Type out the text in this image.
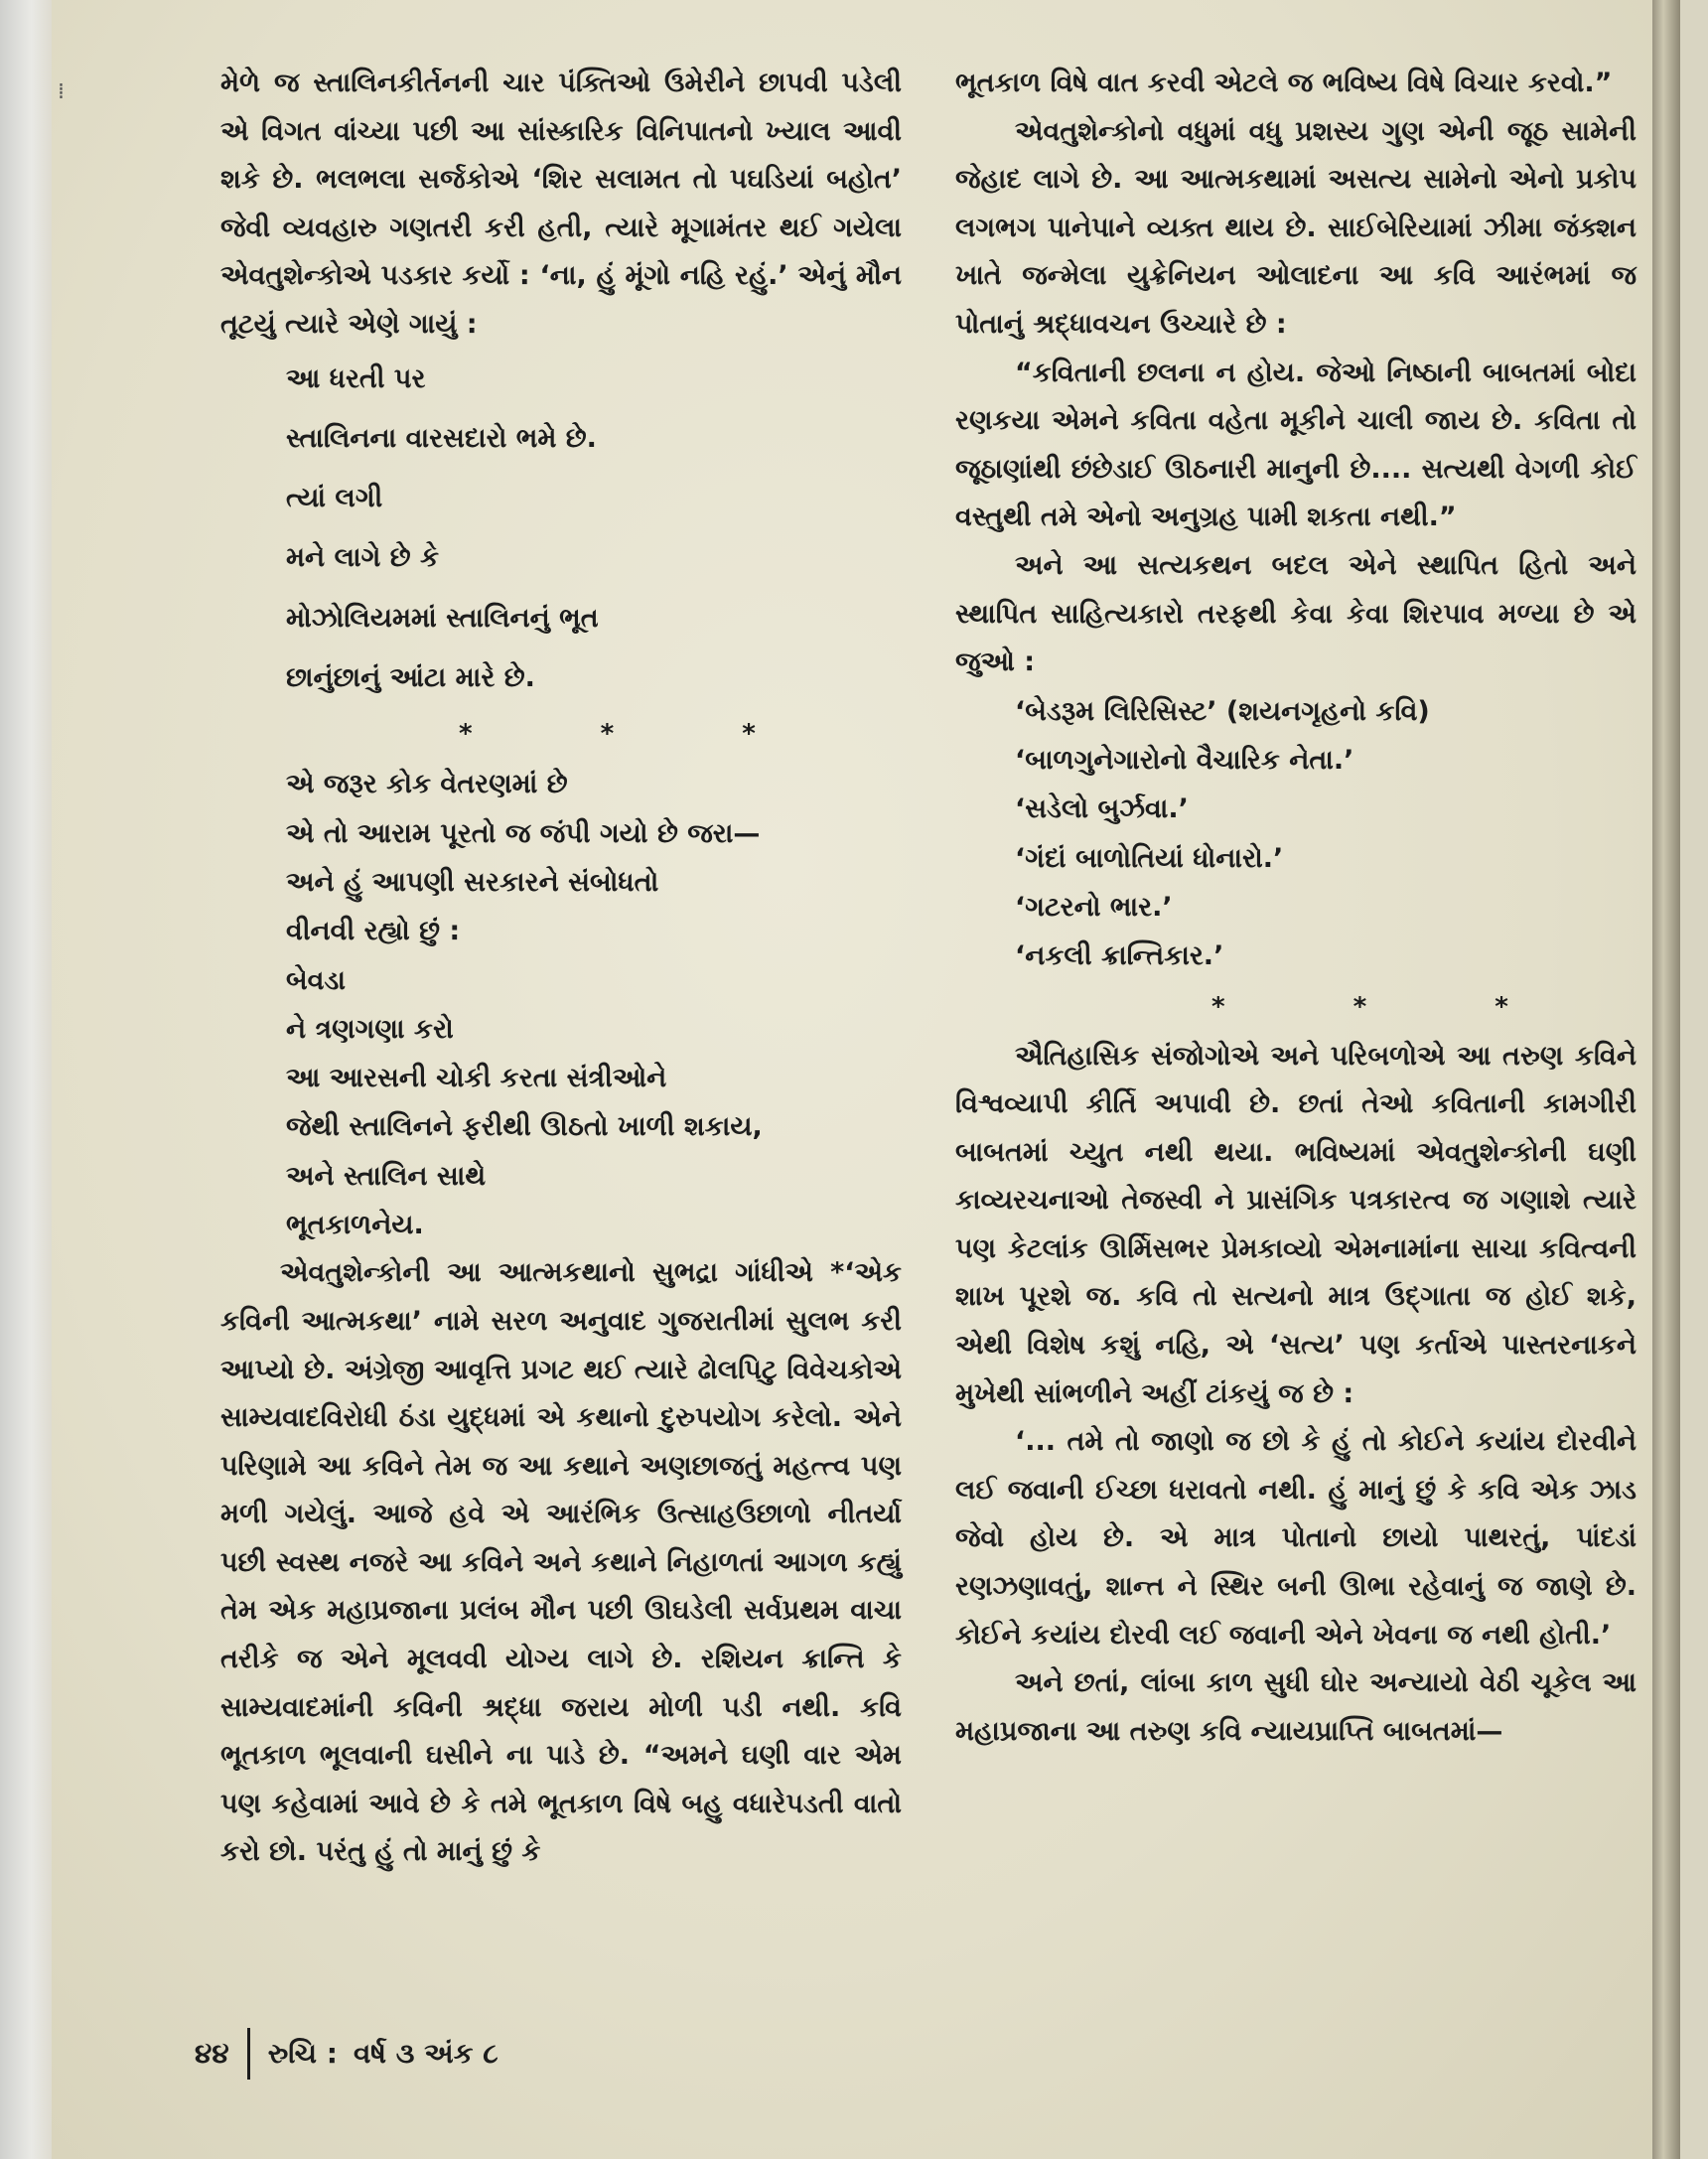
⁞	મેળે જ સ્તાલિનકીર્તનની ચાર પંક્તિઓ ઉમેરીને છાપવી પડેલી એ વિગત વાંચ્યા પછી આ સાંસ્કારિક વિનિપાતનો ખ્યાલ આવી શકે છે. ભલભલા સર્જકોએ ‘શિર સલામત તો પઘડિયાં બહોત’ જેવી વ્યવહારુ ગણતરી કરી હતી, ત્યારે મૂગામંતર થઈ ગયેલા એવતુશેન્કોએ પડકાર કર્યો : ‘ના, હું મૂંગો નહિ રહું.’ એનું મૌન તૂટયું ત્યારે એણે ગાયું :

આ ધરતી પર
સ્તાલિનના વારસદારો ભમે છે.
ત્યાં લગી
મને લાગે છે કે
મોઝોલિયમમાં સ્તાલિનનું ભૂત
છાનુંછાનું આંટા મારે છે.
* * *
એ જરૂર કોક વેતરણમાં છે
એ તો આરામ પૂરતો જ જંપી ગયો છે જરા—
અને હું આપણી સરકારને સંબોધતો
વીનવી રહ્યો છું :
બેવડા
ને ત્રણગણા કરો
આ આરસની ચોકી કરતા સંત્રીઓને
જેથી સ્તાલિનને ફરીથી ઊઠતો ખાળી શકાય,
અને સ્તાલિન સાથે
ભૂતકાળનેય.

એવતુશેન્કોની આ આત્મકથાનો સુભદ્રા ગાંધીએ *‘એક કવિની આત્મકથા’ નામે સરળ અનુવાદ ગુજરાતીમાં સુલભ કરી આપ્યો છે. અંગ્રેજી આવૃત્તિ પ્રગટ થઈ ત્યારે ઢોલપિટુ વિવેચકોએ સામ્યવાદવિરોધી ઠંડા યુદ્ધમાં એ કથાનો દુરુપયોગ કરેલો. એને પરિણામે આ કવિને તેમ જ આ કથાને અણછાજતું મહત્ત્વ પણ મળી ગયેલું. આજે હવે એ આરંભિક ઉત્સાહઉછાળો નીતર્યા પછી સ્વસ્થ નજરે આ કવિને અને કથાને નિહાળતાં આગળ કહ્યું તેમ એક મહાપ્રજાના પ્રલંબ મૌન પછી ઊઘડેલી સર્વપ્રથમ વાચા તરીકે જ એને મૂલવવી યોગ્ય લાગે છે. રશિયન ક્રાન્તિ કે સામ્યવાદમાંની કવિની શ્રદ્ધા જરાય મોળી પડી નથી. કવિ ભૂતકાળ ભૂલવાની ઘસીને ના પાડે છે. “અમને ઘણી વાર એમ પણ કહેવામાં આવે છે કે તમે ભૂતકાળ વિષે બહુ વધારેપડતી વાતો કરો છો. પરંતુ હું તો માનું છું કે

ભૂતકાળ વિષે વાત કરવી એટલે જ ભવિષ્ય વિષે વિચાર કરવો.”

એવતુશેન્કોનો વધુમાં વધુ પ્રશસ્ય ગુણ એની જૂઠ સામેની જેહાદ લાગે છે. આ આત્મકથામાં અસત્ય સામેનો એનો પ્રકોપ લગભગ પાનેપાને વ્યક્ત થાય છે. સાઈબેરિયામાં ઝીમા જંક્શન ખાતે જન્મેલા યુક્રેનિયન ઓલાદના આ કવિ આરંભમાં જ પોતાનું શ્રદ્ધાવચન ઉચ્ચારે છે :

“કવિતાની છલના ન હોય. જેઓ નિષ્ઠાની બાબતમાં બોદા રણકયા એમને કવિતા વહેતા મૂકીને ચાલી જાય છે. કવિતા તો જૂઠાણાંથી છંછેડાઈ ઊઠનારી માનુની છે.... સત્યથી વેગળી કોઈ વસ્તુથી તમે એનો અનુગ્રહ પામી શકતા નથી.”

અને આ સત્યકથન બદલ એને સ્થાપિત હિતો અને સ્થાપિત સાહિત્યકારો તરફથી કેવા કેવા શિરપાવ મળ્યા છે એ જુઓ :

‘બેડરૂમ લિરિસિસ્ટ’ (શયનગૃહનો કવિ)
‘બાળગુનેગારોનો વૈચારિક નેતા.’
‘સડેલો બુર્ઝવા.’
‘ગંદાં બાળોતિયાં ધોનારો.’
‘ગટરનો ભાર.’
‘નકલી ક્રાન્તિકાર.’
* * *

ઐતિહાસિક સંજોગોએ અને પરિબળોએ આ તરુણ કવિને વિશ્વવ્યાપી કીર્તિ અપાવી છે. છતાં તેઓ કવિતાની કામગીરી બાબતમાં ચ્યુત નથી થયા. ભવિષ્યમાં એવતુશેન્કોની ઘણી કાવ્યરચનાઓ તેજસ્વી ને પ્રાસંગિક પત્રકારત્વ જ ગણાશે ત્યારે પણ કેટલાંક ઊર્મિસભર પ્રેમકાવ્યો એમનામાંના સાચા કવિત્વની શાખ પૂરશે જ. કવિ તો સત્યનો માત્ર ઉદ્ગાતા જ હોઈ શકે, એથી વિશેષ કશું નહિ, એ ‘સત્ય’ પણ કર્તાએ પાસ્તરનાકને મુખેથી સાંભળીને અહીં ટાંકયું જ છે :

‘... તમે તો જાણો જ છો કે હું તો કોઈને કયાંય દોરવીને લઈ જવાની ઈચ્છા ધરાવતો નથી. હું માનું છું કે કવિ એક ઝાડ જેવો હોય છે. એ માત્ર પોતાનો છાયો પાથરતું, પાંદડાં રણઝણાવતું, શાન્ત ને સ્થિર બની ઊભા રહેવાનું જ જાણે છે. કોઈને કયાંય દોરવી લઈ જવાની એને ખેવના જ નથી હોતી.’

અને છતાં, લાંબા કાળ સુધી ઘોર અન્યાયો વેઠી ચૂકેલ આ મહાપ્રજાના આ તરુણ કવિ ન્યાયપ્રાપ્તિ બાબતમાં—

૪૪ રુચિ : વર્ષ ૩ અંક ૮
